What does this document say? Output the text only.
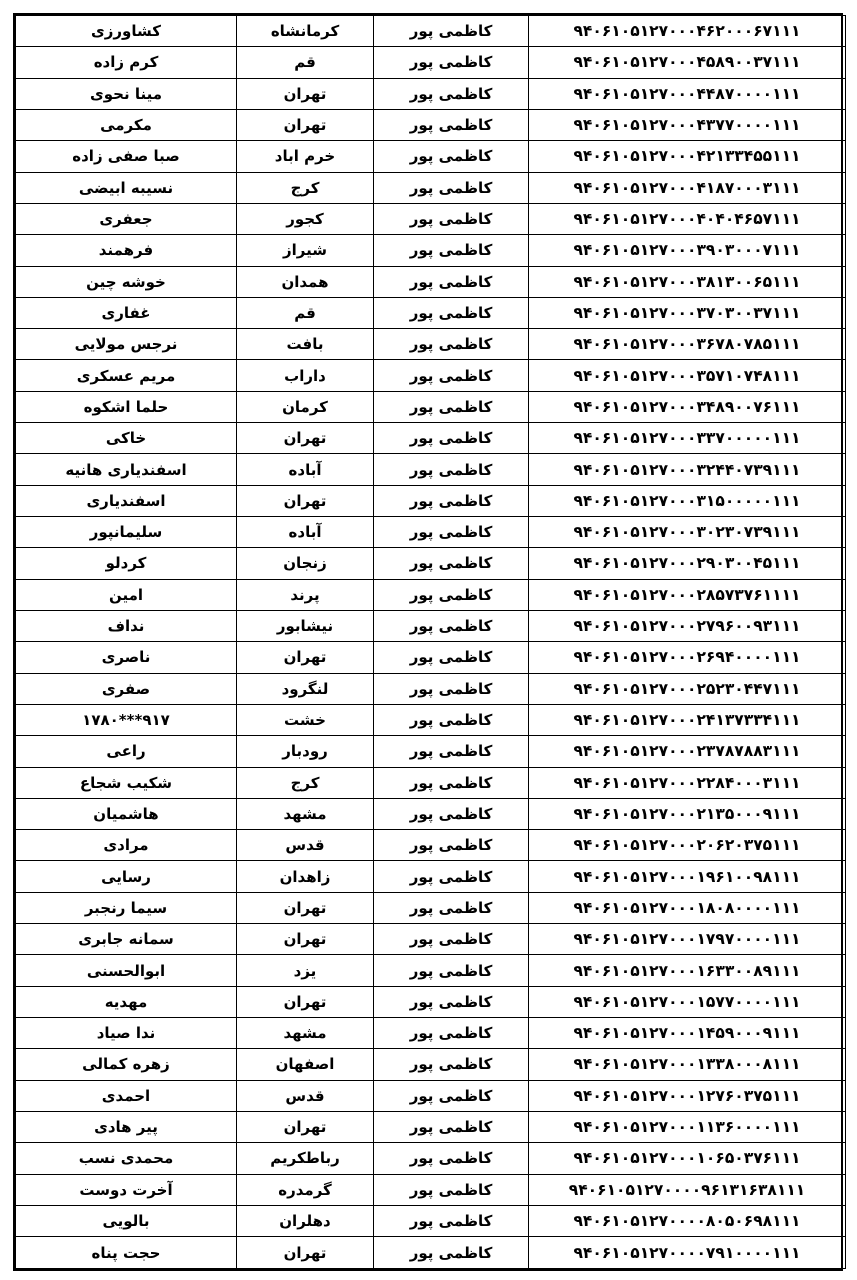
۹۴۰۶۱۰۵۱۲۷۰۰۰۴۶۲۰۰۰۶۷۱۱۱	کاظمی پور	کرمانشاه	کشاورزی
۹۴۰۶۱۰۵۱۲۷۰۰۰۴۵۸۹۰۰۳۷۱۱۱	کاظمی پور	قم	کرم زاده
۹۴۰۶۱۰۵۱۲۷۰۰۰۴۴۸۷۰۰۰۰۱۱۱	کاظمی پور	تهران	مینا نحوی
۹۴۰۶۱۰۵۱۲۷۰۰۰۴۳۷۷۰۰۰۰۱۱۱	کاظمی پور	تهران	مکرمی
۹۴۰۶۱۰۵۱۲۷۰۰۰۴۲۱۳۳۴۵۵۱۱۱	کاظمی پور	خرم اباد	صبا صفی زاده
۹۴۰۶۱۰۵۱۲۷۰۰۰۴۱۸۷۰۰۰۳۱۱۱	کاظمی پور	کرج	نسیبه ابیضی
۹۴۰۶۱۰۵۱۲۷۰۰۰۴۰۴۰۴۶۵۷۱۱۱	کاظمی پور	کجور	جعفری
۹۴۰۶۱۰۵۱۲۷۰۰۰۳۹۰۳۰۰۰۷۱۱۱	کاظمی پور	شیراز	فرهمند
۹۴۰۶۱۰۵۱۲۷۰۰۰۳۸۱۳۰۰۶۵۱۱۱	کاظمی پور	همدان	خوشه چین
۹۴۰۶۱۰۵۱۲۷۰۰۰۳۷۰۳۰۰۳۷۱۱۱	کاظمی پور	قم	غفاری
۹۴۰۶۱۰۵۱۲۷۰۰۰۳۶۷۸۰۷۸۵۱۱۱	کاظمی پور	بافت	نرجس مولایی
۹۴۰۶۱۰۵۱۲۷۰۰۰۳۵۷۱۰۷۴۸۱۱۱	کاظمی پور	داراب	مریم عسکری
۹۴۰۶۱۰۵۱۲۷۰۰۰۳۴۸۹۰۰۷۶۱۱۱	کاظمی پور	کرمان	حلما اشکوه
۹۴۰۶۱۰۵۱۲۷۰۰۰۳۳۷۰۰۰۰۰۱۱۱	کاظمی پور	تهران	خاکی
۹۴۰۶۱۰۵۱۲۷۰۰۰۳۲۴۴۰۷۳۹۱۱۱	کاظمی پور	آباده	اسفندیاری هانیه
۹۴۰۶۱۰۵۱۲۷۰۰۰۳۱۵۰۰۰۰۰۱۱۱	کاظمی پور	تهران	اسفندیاری
۹۴۰۶۱۰۵۱۲۷۰۰۰۳۰۲۳۰۷۳۹۱۱۱	کاظمی پور	آباده	سلیمانپور
۹۴۰۶۱۰۵۱۲۷۰۰۰۲۹۰۳۰۰۴۵۱۱۱	کاظمی پور	زنجان	کردلو
۹۴۰۶۱۰۵۱۲۷۰۰۰۲۸۵۷۳۷۶۱۱۱۱	کاظمی پور	پرند	امین
۹۴۰۶۱۰۵۱۲۷۰۰۰۲۷۹۶۰۰۹۳۱۱۱	کاظمی پور	نیشابور	نداف
۹۴۰۶۱۰۵۱۲۷۰۰۰۲۶۹۴۰۰۰۰۱۱۱	کاظمی پور	تهران	ناصری
۹۴۰۶۱۰۵۱۲۷۰۰۰۲۵۲۳۰۴۴۷۱۱۱	کاظمی پور	لنگرود	صفری
۹۴۰۶۱۰۵۱۲۷۰۰۰۲۴۱۳۷۳۳۴۱۱۱	کاظمی پور	خشت	۹۱۷***۱۷۸۰
۹۴۰۶۱۰۵۱۲۷۰۰۰۲۳۷۸۷۸۸۳۱۱۱	کاظمی پور	رودبار	راعی
۹۴۰۶۱۰۵۱۲۷۰۰۰۲۲۸۴۰۰۰۳۱۱۱	کاظمی پور	کرج	شکیب شجاع
۹۴۰۶۱۰۵۱۲۷۰۰۰۲۱۳۵۰۰۰۹۱۱۱	کاظمی پور	مشهد	هاشمیان
۹۴۰۶۱۰۵۱۲۷۰۰۰۲۰۶۲۰۳۷۵۱۱۱	کاظمی پور	قدس	مرادی
۹۴۰۶۱۰۵۱۲۷۰۰۰۱۹۶۱۰۰۹۸۱۱۱	کاظمی پور	زاهدان	رسایی
۹۴۰۶۱۰۵۱۲۷۰۰۰۱۸۰۸۰۰۰۰۱۱۱	کاظمی پور	تهران	سیما رنجبر
۹۴۰۶۱۰۵۱۲۷۰۰۰۱۷۹۷۰۰۰۰۱۱۱	کاظمی پور	تهران	سمانه جابری
۹۴۰۶۱۰۵۱۲۷۰۰۰۱۶۳۳۰۰۸۹۱۱۱	کاظمی پور	یزد	ابوالحسنی
۹۴۰۶۱۰۵۱۲۷۰۰۰۱۵۷۷۰۰۰۰۱۱۱	کاظمی پور	تهران	مهدیه
۹۴۰۶۱۰۵۱۲۷۰۰۰۱۴۵۹۰۰۰۹۱۱۱	کاظمی پور	مشهد	ندا صیاد
۹۴۰۶۱۰۵۱۲۷۰۰۰۱۳۳۸۰۰۰۸۱۱۱	کاظمی پور	اصفهان	زهره کمالی
۹۴۰۶۱۰۵۱۲۷۰۰۰۱۲۷۶۰۳۷۵۱۱۱	کاظمی پور	قدس	احمدی
۹۴۰۶۱۰۵۱۲۷۰۰۰۱۱۳۶۰۰۰۰۱۱۱	کاظمی پور	تهران	پیر هادی
۹۴۰۶۱۰۵۱۲۷۰۰۰۱۰۶۵۰۳۷۶۱۱۱	کاظمی پور	رباطکریم	محمدی نسب
۹۴۰۶۱۰۵۱۲۷۰۰۰۰۹۶۱۳۱۶۳۸۱۱۱	کاظمی پور	گرمدره	آخرت دوست
۹۴۰۶۱۰۵۱۲۷۰۰۰۰۸۰۵۰۶۹۸۱۱۱	کاظمی پور	دهلران	بالویی
۹۴۰۶۱۰۵۱۲۷۰۰۰۰۷۹۱۰۰۰۰۱۱۱	کاظمی پور	تهران	حجت پناه
